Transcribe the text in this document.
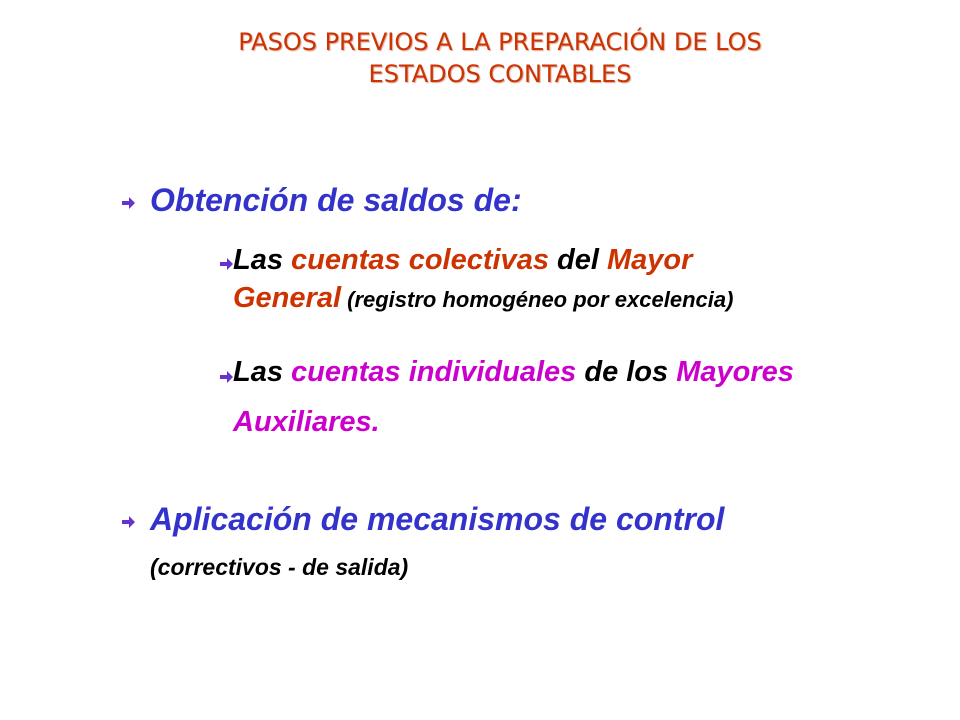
PASOS PREVIOS A LA PREPARACIÓN DE LOS
ESTADOS CONTABLES
Obtención de saldos de:
Las cuentas colectivas del Mayor
General (registro homogéneo por excelencia)
Las cuentas individuales de los Mayores
Auxiliares.
Aplicación de mecanismos de control
(correctivos - de salida)
